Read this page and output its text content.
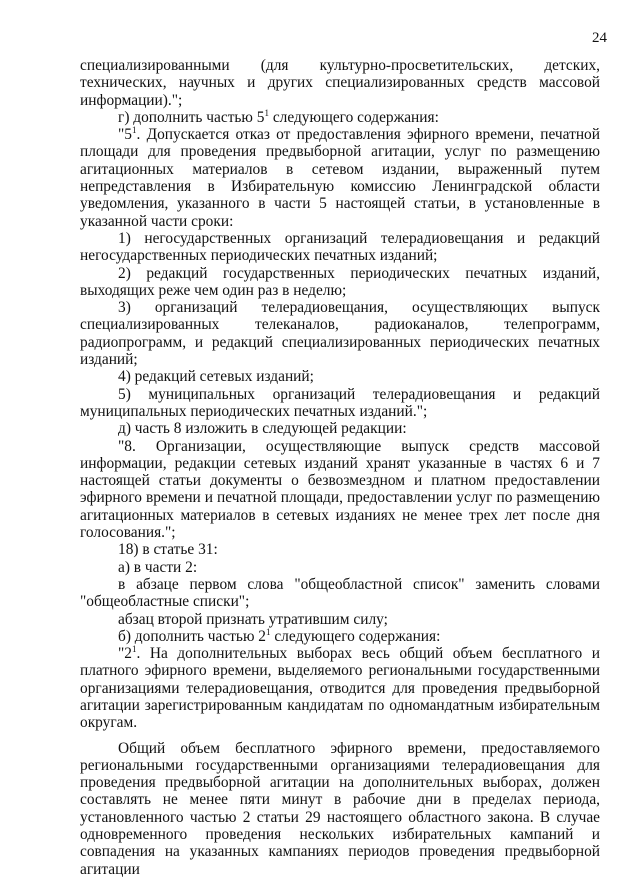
24

специализированными (для культурно-просветительских, детских, технических, научных и других специализированных средств массовой информации).";

г) дополнить частью $5^1$ следующего содержания:

"$5^1$. Допускается отказ от предоставления эфирного времени, печатной площади для проведения предвыборной агитации, услуг по размещению агитационных материалов в сетевом издании, выраженный путем непредставления в Избирательную комиссию Ленинградской области уведомления, указанного в части 5 настоящей статьи, в установленные в указанной части сроки:

1) негосударственных организаций телерадиовещания и редакций негосударственных периодических печатных изданий;

2) редакций государственных периодических печатных изданий, выходящих реже чем один раз в неделю;

3) организаций телерадиовещания, осуществляющих выпуск специализированных телеканалов, радиоканалов, телепрограмм, радиопрограмм, и редакций специализированных периодических печатных изданий;

4) редакций сетевых изданий;

5) муниципальных организаций телерадиовещания и редакций муниципальных периодических печатных изданий.";

д) часть 8 изложить в следующей редакции:

"8. Организации, осуществляющие выпуск средств массовой информации, редакции сетевых изданий хранят указанные в частях 6 и 7 настоящей статьи документы о безвозмездном и платном предоставлении эфирного времени и печатной площади, предоставлении услуг по размещению агитационных материалов в сетевых изданиях не менее трех лет после дня голосования.";

18) в статье 31:

а) в части 2:

в абзаце первом слова "общеобластной список" заменить словами "общеобластные списки";

абзац второй признать утратившим силу;

б) дополнить частью $2^1$ следующего содержания:

"$2^1$. На дополнительных выборах весь общий объем бесплатного и платного эфирного времени, выделяемого региональными государственными организациями телерадиовещания, отводится для проведения предвыборной агитации зарегистрированным кандидатам по одномандатным избирательным округам.

Общий объем бесплатного эфирного времени, предоставляемого региональными государственными организациями телерадиовещания для проведения предвыборной агитации на дополнительных выборах, должен составлять не менее пяти минут в рабочие дни в пределах периода, установленного частью 2 статьи 29 настоящего областного закона. В случае одновременного проведения нескольких избирательных кампаний и совпадения на указанных кампаниях периодов проведения предвыборной агитации
